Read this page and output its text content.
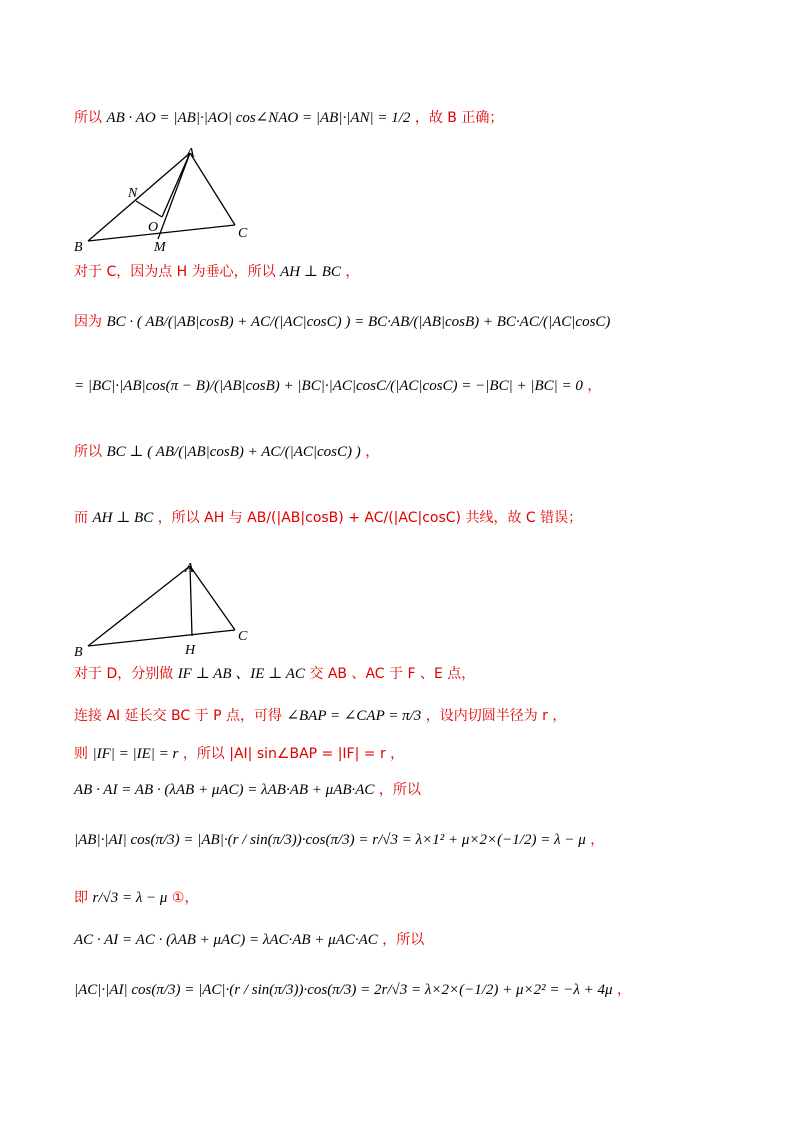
所以 AB · AO = |AB|·|AO| cos∠NAO = |AB|·|AN| = 1/2 ，故 B 正确；
A
N
O
B	M
C
对于 C，因为点 H 为垂心，所以 AH ⊥ BC ，
因为 BC · ( AB/(|AB|cosB) + AC/(|AC|cosC) ) = BC·AB/(|AB|cosB) + BC·AC/(|AC|cosC)
= |BC|·|AB|cos(π − B)/(|AB|cosB) + |BC|·|AC|cosC/(|AC|cosC) = −|BC| + |BC| = 0 ，
所以 BC ⊥ ( AB/(|AB|cosB) + AC/(|AC|cosC) ) ，
而 AH ⊥ BC ，所以 AH 与 AB/(|AB|cosB) + AC/(|AC|cosC) 共线，故 C 错误；
A
B	H
C
对于 D，分别做 IF ⊥ AB 、IE ⊥ AC 交 AB 、AC 于 F 、E 点，
连接 AI 延长交 BC 于 P 点，可得 ∠BAP = ∠CAP = π/3 ，设内切圆半径为 r ，
则 |IF| = |IE| = r ，所以 |AI| sin∠BAP = |IF| = r ，
AB · AI = AB · (λAB + μAC) = λAB·AB + μAB·AC ，所以
|AB|·|AI| cos(π/3) = |AB|·(r / sin(π/3))·cos(π/3) = r/√3 = λ×1² + μ×2×(−1/2) = λ − μ ，
即 r/√3 = λ − μ ①，
AC · AI = AC · (λAB + μAC) = λAC·AB + μAC·AC ，所以
|AC|·|AI| cos(π/3) = |AC|·(r / sin(π/3))·cos(π/3) = 2r/√3 = λ×2×(−1/2) + μ×2² = −λ + 4μ ，
